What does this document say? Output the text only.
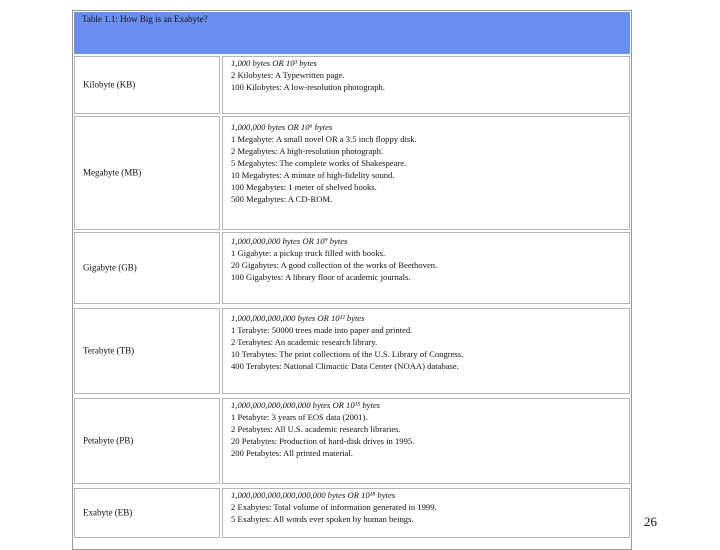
Table 1.1: How Big is an Exabyte?
Kilobyte (KB)
1,000 bytes OR 10³ bytes
2 Kilobytes: A Typewritten page.
100 Kilobytes: A low-resolution photograph.
Megabyte (MB)
1,000,000 bytes OR 10⁶ bytes
1 Megabyte: A small novel OR a 3.5 inch floppy disk.
2 Megabytes: A high-resolution photograph.
5 Megabytes: The complete works of Shakespeare.
10 Megabytes: A minute of high-fidelity sound.
100 Megabytes: 1 meter of shelved books.
500 Megabytes: A CD-ROM.
Gigabyte (GB)
1,000,000,000 bytes OR 10⁹ bytes
1 Gigabyte: a pickup truck filled with books.
20 Gigabytes: A good collection of the works of Beethoven.
100 Gigabytes: A library floor of academic journals.
Terabyte (TB)
1,000,000,000,000 bytes OR 10¹² bytes
1 Terabyte: 50000 trees made into paper and printed.
2 Terabytes: An academic research library.
10 Terabytes: The print collections of the U.S. Library of Congress.
400 Terabytes: National Climactic Data Center (NOAA) database.
Petabyte (PB)
1,000,000,000,000,000 bytes OR 10¹⁵ bytes
1 Petabyte: 3 years of EOS data (2001).
2 Petabytes: All U.S. academic research libraries.
20 Petabytes: Production of hard-disk drives in 1995.
200 Petabytes: All printed material.
Exabyte (EB)
1,000,000,000,000,000,000 bytes OR 10¹⁸ bytes
2 Exabytes: Total volume of information generated in 1999.
5 Exabytes: All words ever spoken by human beings.	26
